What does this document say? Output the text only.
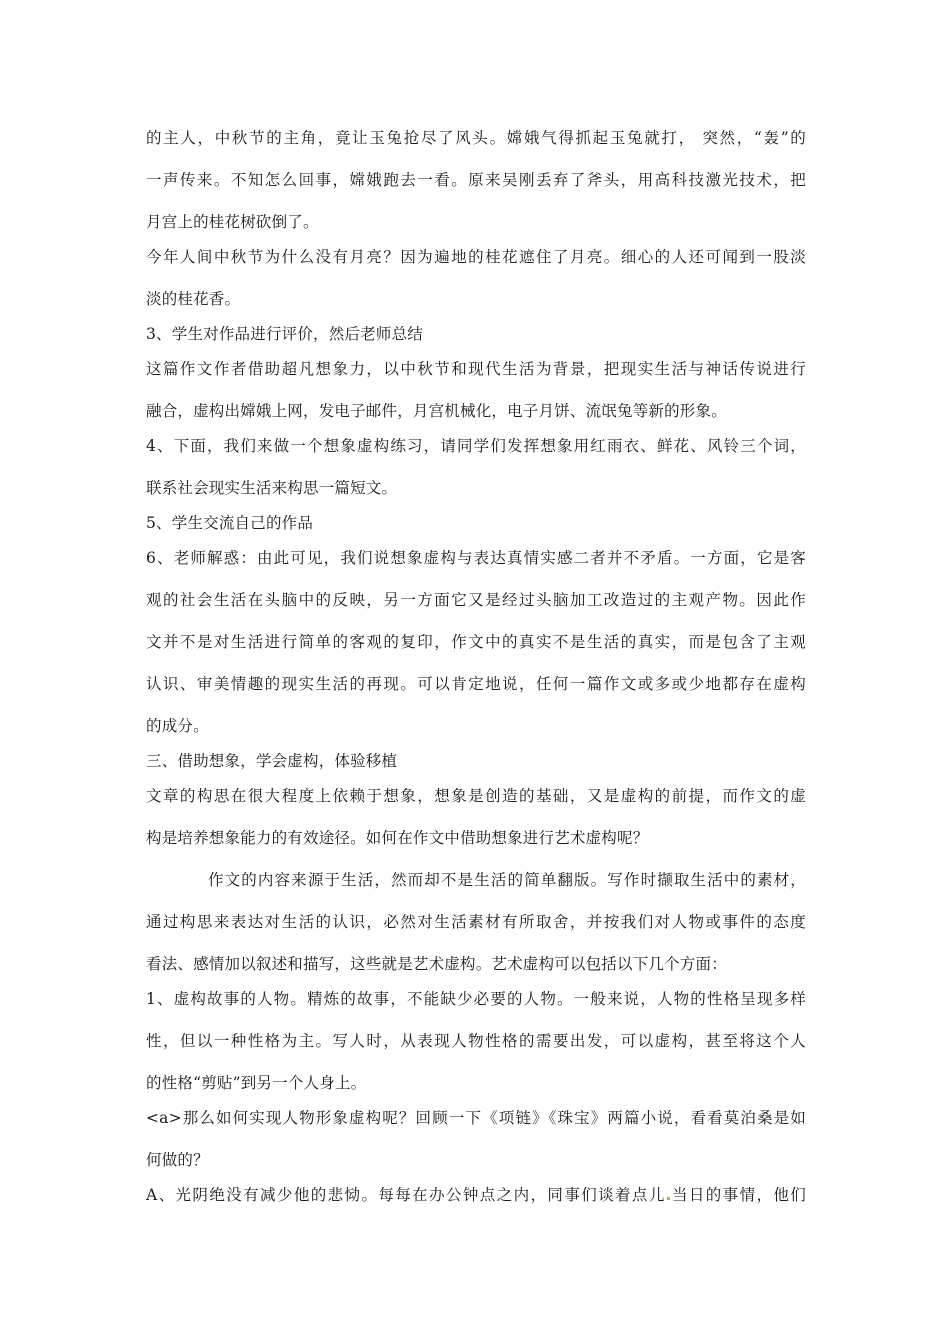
的主人，中秋节的主角，竟让玉兔抢尽了风头。嫦娥气得抓起玉兔就打， 突然，“轰”的

一声传来。不知怎么回事，嫦娥跑去一看。原来吴刚丢弃了斧头，用高科技激光技术，把

月宫上的桂花树砍倒了。

今年人间中秋节为什么没有月亮？因为遍地的桂花遮住了月亮。细心的人还可闻到一股淡

淡的桂花香。

3、学生对作品进行评价，然后老师总结

这篇作文作者借助超凡想象力，以中秋节和现代生活为背景，把现实生活与神话传说进行

融合，虚构出嫦娥上网，发电子邮件，月宫机械化，电子月饼、流氓兔等新的形象。

4、下面，我们来做一个想象虚构练习，请同学们发挥想象用红雨衣、鲜花、风铃三个词，

联系社会现实生活来构思一篇短文。

5、学生交流自己的作品

6、老师解惑：由此可见，我们说想象虚构与表达真情实感二者并不矛盾。一方面，它是客

观的社会生活在头脑中的反映，另一方面它又是经过头脑加工改造过的主观产物。因此作

文并不是对生活进行简单的客观的复印，作文中的真实不是生活的真实，而是包含了主观

认识、审美情趣的现实生活的再现。可以肯定地说，任何一篇作文或多或少地都存在虚构

的成分。

三、借助想象，学会虚构，体验移植

文章的构思在很大程度上依赖于想象，想象是创造的基础，又是虚构的前提，而作文的虚

构是培养想象能力的有效途径。如何在作文中借助想象进行艺术虚构呢？

作文的内容来源于生活，然而却不是生活的简单翻版。写作时撷取生活中的素材，

通过构思来表达对生活的认识，必然对生活素材有所取舍，并按我们对人物或事件的态度

看法、感情加以叙述和描写，这些就是艺术虚构。艺术虚构可以包括以下几个方面：

1、虚构故事的人物。精炼的故事，不能缺少必要的人物。一般来说，人物的性格呈现多样

性，但以一种性格为主。写人时，从表现人物性格的需要出发，可以虚构，甚至将这个人

的性格“剪贴”到另一个人身上。

<a>那么如何实现人物形象虚构呢？回顾一下《项链》《珠宝》两篇小说，看看莫泊桑是如

何做的？

A、光阴绝没有减少他的悲恸。每每在办公钟点之内，同事们谈着点儿 当日的事情，他们
